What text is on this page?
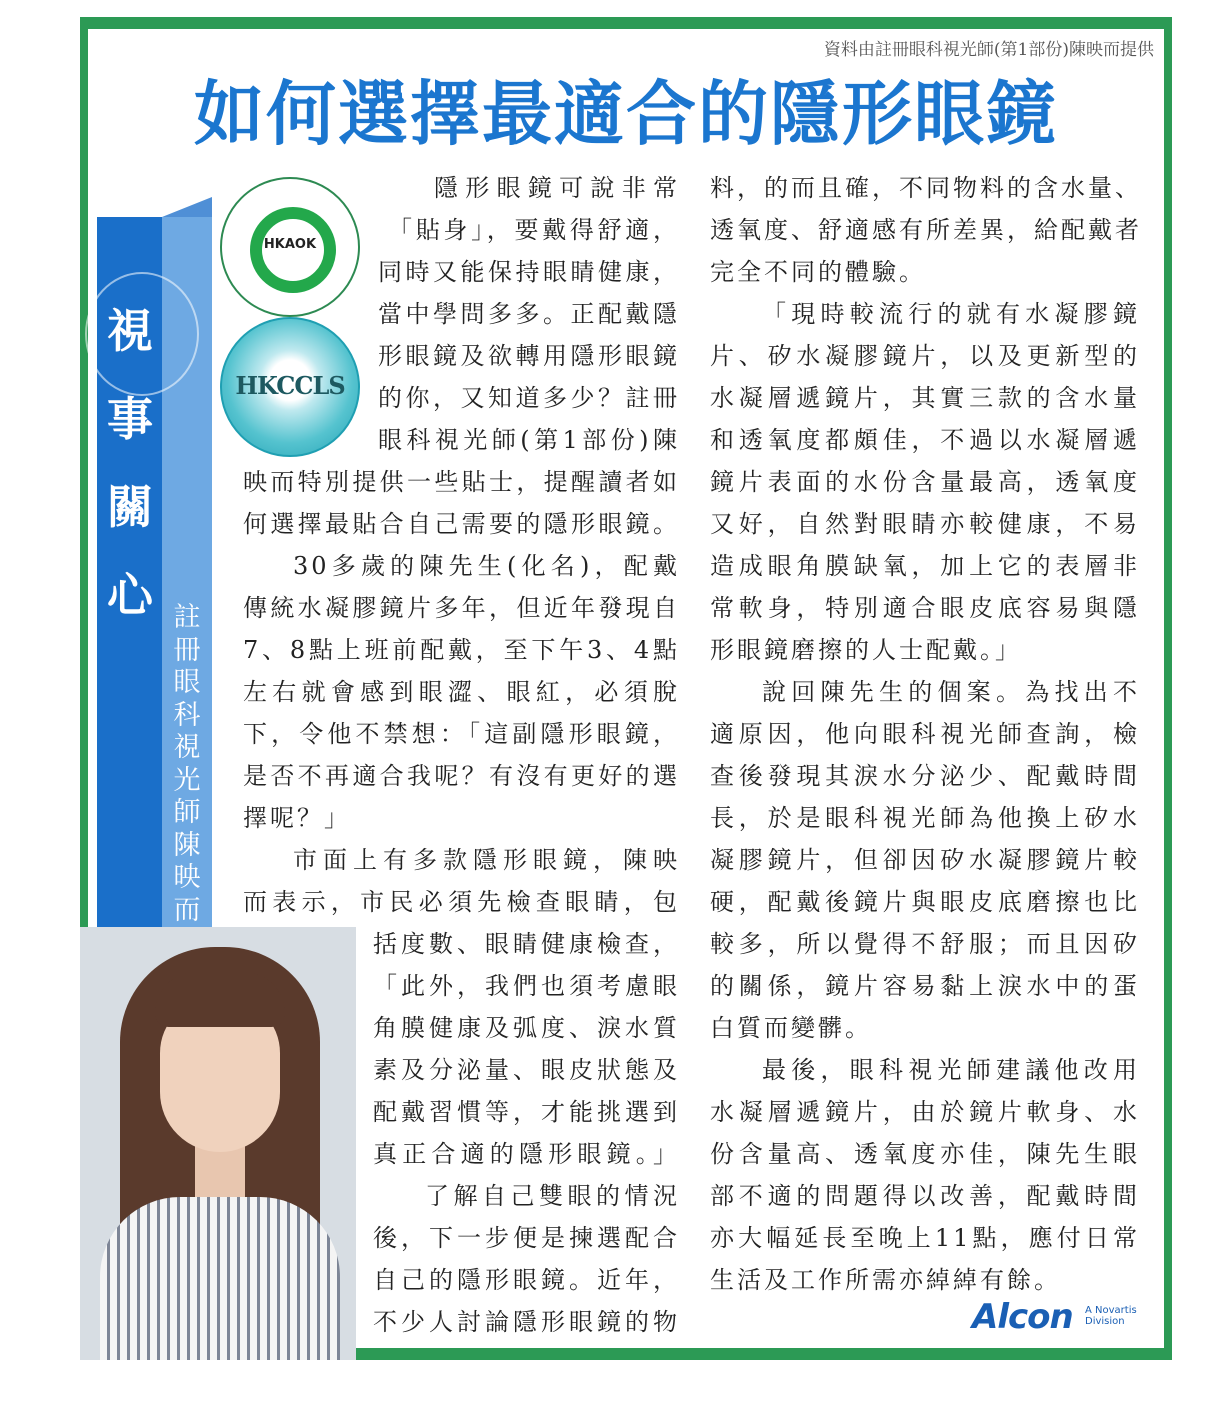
資料由註冊眼科視光師(第1部份)陳映而提供
如何選擇最適合的隱形眼鏡
視事關心 註冊眼科視光師陳映而
HKAOK
HKCCLS
隱形眼鏡可說非常
「貼身」，要戴得舒適，
同時又能保持眼睛健康，
當中學問多多。正配戴隱
形眼鏡及欲轉用隱形眼鏡
的你，又知道多少？註冊
眼科視光師(第1部份)陳
映而特別提供一些貼士，提醒讀者如
何選擇最貼合自己需要的隱形眼鏡。
30多歲的陳先生(化名)，配戴
傳統水凝膠鏡片多年，但近年發現自
7、8點上班前配戴，至下午3、4點
左右就會感到眼澀、眼紅，必須脫
下，令他不禁想：「這副隱形眼鏡，
是否不再適合我呢？有沒有更好的選
擇呢？」
市面上有多款隱形眼鏡，陳映
而表示，市民必須先檢查眼睛，包
括度數、眼睛健康檢查，
「此外，我們也須考慮眼
角膜健康及弧度、淚水質
素及分泌量、眼皮狀態及
配戴習慣等，才能挑選到
真正合適的隱形眼鏡。」
了解自己雙眼的情況
後，下一步便是揀選配合
自己的隱形眼鏡。近年，
不少人討論隱形眼鏡的物
料，的而且確，不同物料的含水量、
透氧度、舒適感有所差異，給配戴者
完全不同的體驗。
「現時較流行的就有水凝膠鏡
片、矽水凝膠鏡片，以及更新型的
水凝層遞鏡片，其實三款的含水量
和透氧度都頗佳，不過以水凝層遞
鏡片表面的水份含量最高，透氧度
又好，自然對眼睛亦較健康，不易
造成眼角膜缺氧，加上它的表層非
常軟身，特別適合眼皮底容易與隱
形眼鏡磨擦的人士配戴。」
說回陳先生的個案。為找出不
適原因，他向眼科視光師查詢，檢
查後發現其淚水分泌少、配戴時間
長，於是眼科視光師為他換上矽水
凝膠鏡片，但卻因矽水凝膠鏡片較
硬，配戴後鏡片與眼皮底磨擦也比
較多，所以覺得不舒服；而且因矽
的關係，鏡片容易黏上淚水中的蛋
白質而變髒。
最後，眼科視光師建議他改用
水凝層遞鏡片，由於鏡片軟身、水
份含量高、透氧度亦佳，陳先生眼
部不適的問題得以改善，配戴時間
亦大幅延長至晚上11點，應付日常
生活及工作所需亦綽綽有餘。
Alcon A Novartis Division
